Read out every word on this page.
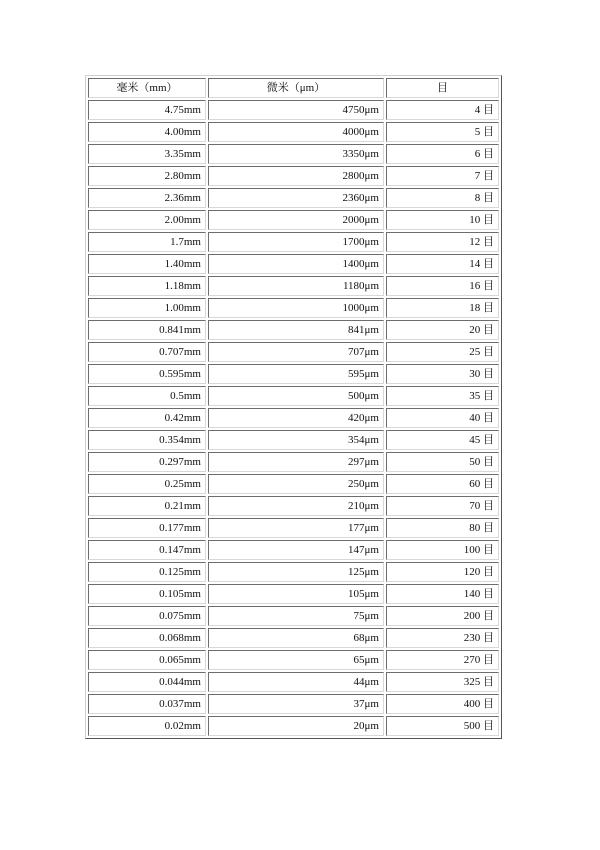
毫米（mm）	微米（μm）	目
4.75mm	4750μm	4 目
4.00mm	4000μm	5 目
3.35mm	3350μm	6 目
2.80mm	2800μm	7 目
2.36mm	2360μm	8 目
2.00mm	2000μm	10 目
1.7mm	1700μm	12 目
1.40mm	1400μm	14 目
1.18mm	1180μm	16 目
1.00mm	1000μm	18 目
0.841mm	841μm	20 目
0.707mm	707μm	25 目
0.595mm	595μm	30 目
0.5mm	500μm	35 目
0.42mm	420μm	40 目
0.354mm	354μm	45 目
0.297mm	297μm	50 目
0.25mm	250μm	60 目
0.21mm	210μm	70 目
0.177mm	177μm	80 目
0.147mm	147μm	100 目
0.125mm	125μm	120 目
0.105mm	105μm	140 目
0.075mm	75μm	200 目
0.068mm	68μm	230 目
0.065mm	65μm	270 目
0.044mm	44μm	325 目
0.037mm	37μm	400 目
0.02mm	20μm	500 目
